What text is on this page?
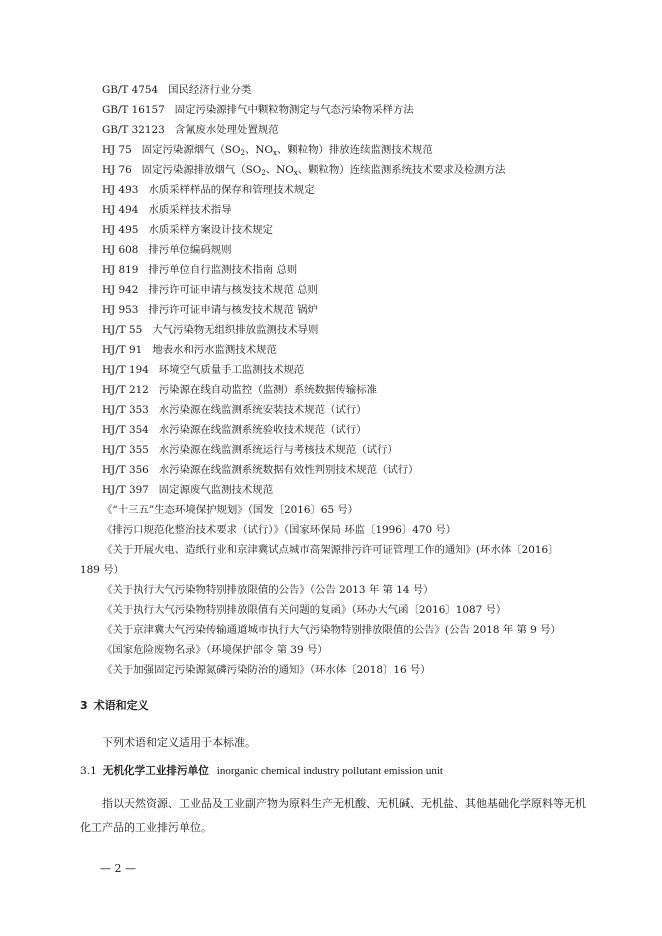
GB/T 4754 国民经济行业分类
GB/T 16157 固定污染源排气中颗粒物测定与气态污染物采样方法
GB/T 32123 含氰废水处理处置规范
HJ 75 固定污染源烟气（$SO_2$、$NO_x$、颗粒物）排放连续监测技术规范
HJ 76 固定污染源排放烟气（$SO_2$、$NO_x$、颗粒物）连续监测系统技术要求及检测方法
HJ 493 水质采样样品的保存和管理技术规定
HJ 494 水质采样技术指导
HJ 495 水质采样方案设计技术规定
HJ 608 排污单位编码规则
HJ 819 排污单位自行监测技术指南 总则
HJ 942 排污许可证申请与核发技术规范 总则
HJ 953 排污许可证申请与核发技术规范 锅炉
HJ/T 55 大气污染物无组织排放监测技术导则
HJ/T 91 地表水和污水监测技术规范
HJ/T 194 环境空气质量手工监测技术规范
HJ/T 212 污染源在线自动监控（监测）系统数据传输标准
HJ/T 353 水污染源在线监测系统安装技术规范（试行）
HJ/T 354 水污染源在线监测系统验收技术规范（试行）
HJ/T 355 水污染源在线监测系统运行与考核技术规范（试行）
HJ/T 356 水污染源在线监测系统数据有效性判别技术规范（试行）
HJ/T 397 固定源废气监测技术规范
《“十三五”生态环境保护规划》（国发〔2016〕65 号）
《排污口规范化整治技术要求（试行）》（国家环保局 环监〔1996〕470 号）
《关于开展火电、造纸行业和京津冀试点城市高架源排污许可证管理工作的通知》(环水体〔2016〕
189 号）
《关于执行大气污染物特别排放限值的公告》（公告 2013 年 第 14 号）
《关于执行大气污染物特别排放限值有关问题的复函》（环办大气函〔2016〕1087 号）
《关于京津冀大气污染传输通道城市执行大气污染物特别排放限值的公告》(公告 2018 年 第 9 号）
《国家危险废物名录》（环境保护部令 第 39 号）
《关于加强固定污染源氮磷污染防治的通知》（环水体〔2018〕16 号）
3 术语和定义
下列术语和定义适用于本标准。
3.1 无机化学工业排污单位 inorganic chemical industry pollutant emission unit
指以天然资源、工业品及工业副产物为原料生产无机酸、无机碱、无机盐、其他基础化学原料等无机化工产品的工业排污单位。
— 2 —
